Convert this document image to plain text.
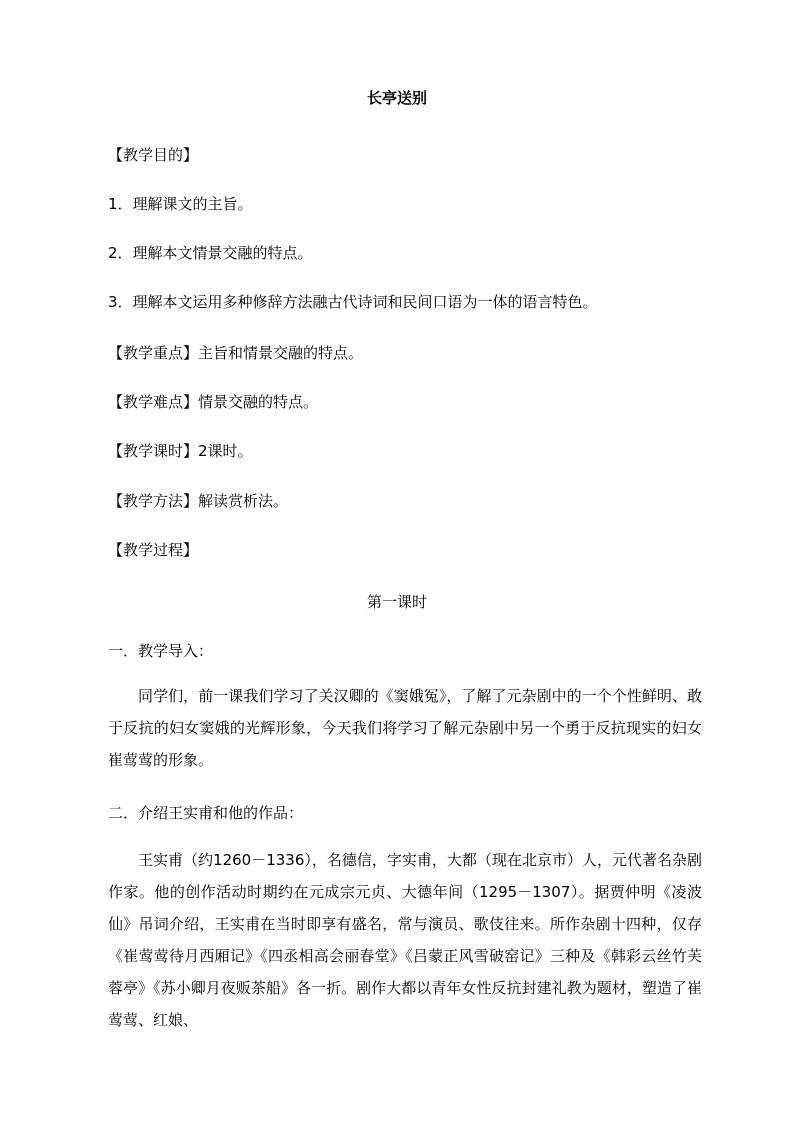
长亭送别
【教学目的】
1．理解课文的主旨。
2．理解本文情景交融的特点。
3．理解本文运用多种修辞方法融古代诗词和民间口语为一体的语言特色。
【教学重点】主旨和情景交融的特点。
【教学难点】情景交融的特点。
【教学课时】2课时。
【教学方法】解读赏析法。
【教学过程】
第一课时
一．教学导入：
同学们，前一课我们学习了关汉卿的《窦娥冤》，了解了元杂剧中的一个个性鲜明、敢于反抗的妇女窦娥的光辉形象，今天我们将学习了解元杂剧中另一个勇于反抗现实的妇女崔莺莺的形象。
二．介绍王实甫和他的作品：
王实甫（约1260－1336），名德信，字实甫，大都（现在北京市）人，元代著名杂剧作家。他的创作活动时期约在元成宗元贞、大德年间（1295－1307）。据贾仲明《凌波仙》吊词介绍，王实甫在当时即享有盛名，常与演员、歌伎往来。所作杂剧十四种，仅存《崔莺莺待月西厢记》《四丞相高会丽春堂》《吕蒙正风雪破窑记》三种及《韩彩云丝竹芙蓉亭》《苏小卿月夜贩茶船》各一折。剧作大都以青年女性反抗封建礼教为题材，塑造了崔莺莺、红娘、
